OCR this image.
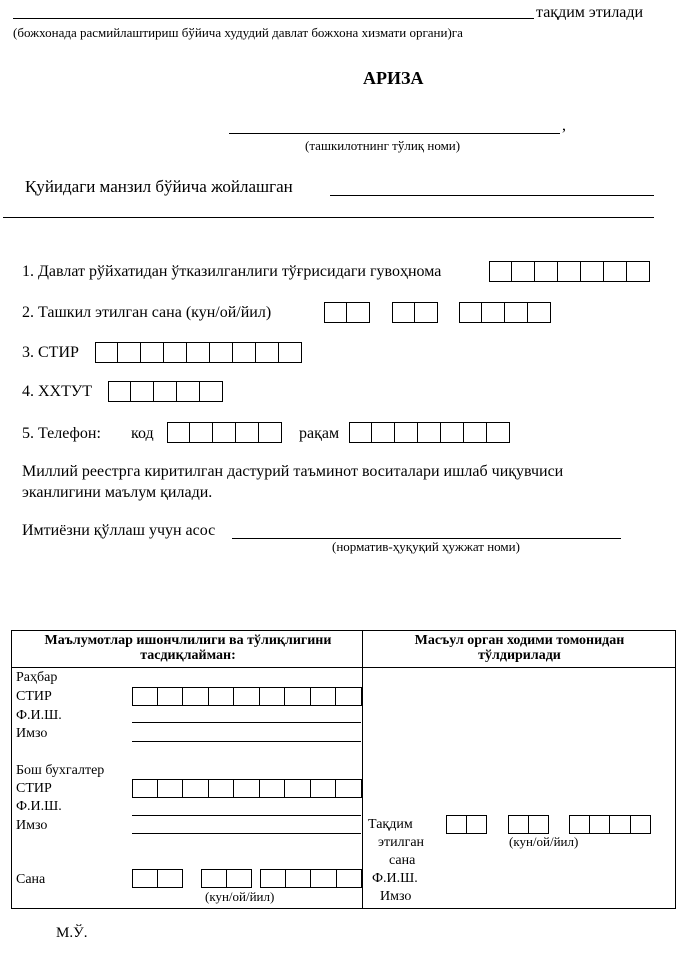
тақдим этилади
(божхонада расмийлаштириш бўйича худудий давлат божхона хизмати органи)га
АРИЗА
,
(ташкилотнинг тўлиқ номи)
Қуйидаги манзил бўйича жойлашган
1. Давлат рўйхатидан ўтказилганлиги тўғрисидаги гувоҳнома
2. Ташкил этилган сана (кун/ой/йил)
3. СТИР
4. ХХТУТ
5. Телефон: код	рақам
Миллий реестрга киритилган дастурий таъминот воситалари ишлаб чиқувчиси
эканлигини маълум қилади.
Имтиёзни қўллаш учун асос
(норматив-ҳуқуқий ҳужжат номи)
Маълумотлар ишончлилиги ва тўлиқлигини тасдиқлайман:
Масъул орган ходими томонидан тўлдирилади
Раҳбар
СТИР
Ф.И.Ш.
Имзо
Бош бухгалтер
СТИР
Ф.И.Ш.
Имзо
Сана
(кун/ой/йил)
Тақдим
этилган
сана
(кун/ой/йил)
Ф.И.Ш.
Имзо
М.Ў.
